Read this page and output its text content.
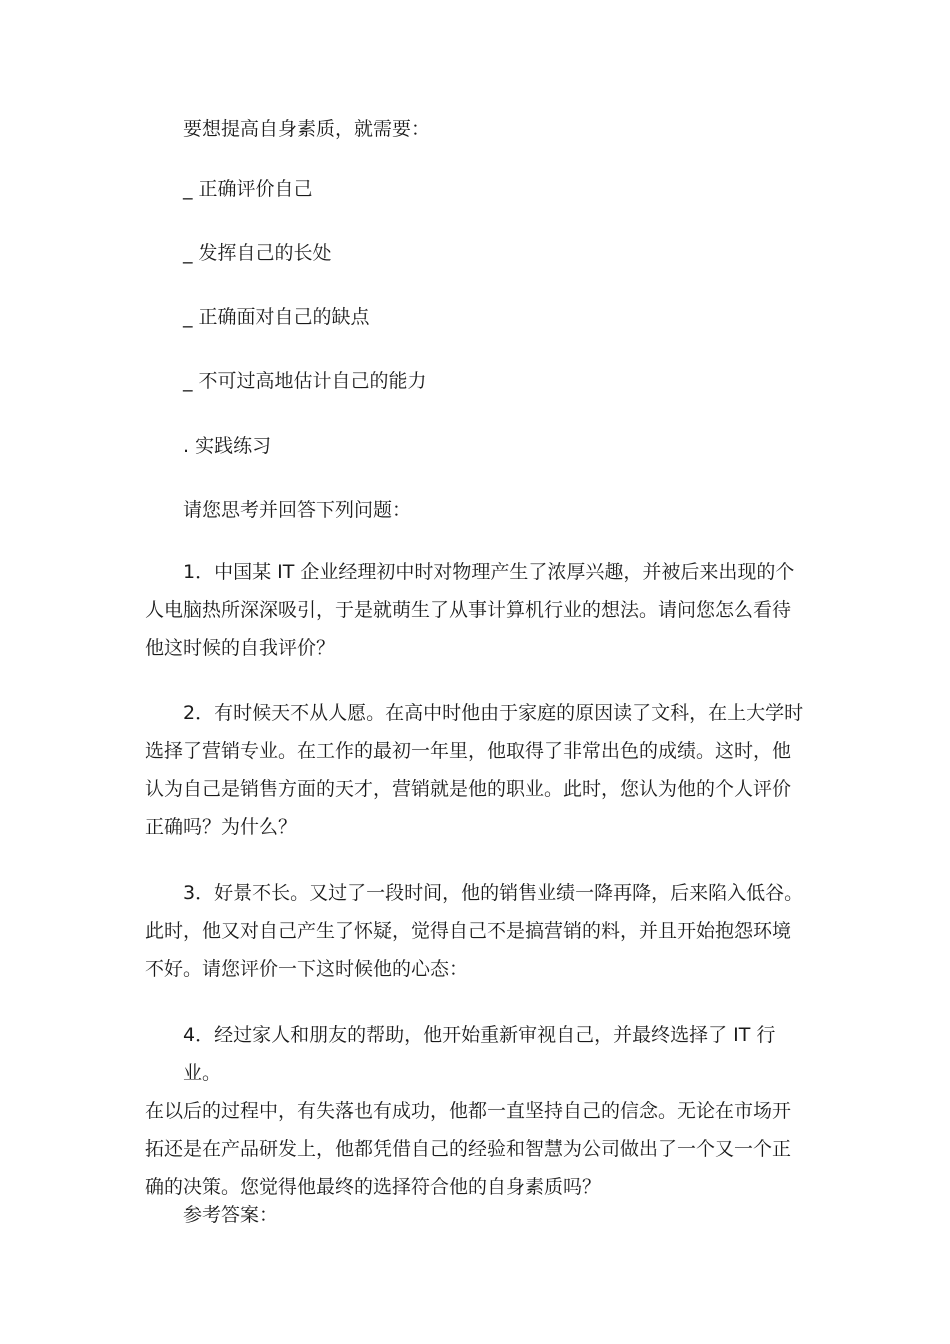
要想提高自身素质，就需要：
_ 正确评价自己
_ 发挥自己的长处
_ 正确面对自己的缺点
_ 不可过高地估计自己的能力
. 实践练习
请您思考并回答下列问题：
1．中国某 IT 企业经理初中时对物理产生了浓厚兴趣，并被后来出现的个
人电脑热所深深吸引，于是就萌生了从事计算机行业的想法。请问您怎么看待
他这时候的自我评价？
2．有时候天不从人愿。在高中时他由于家庭的原因读了文科，在上大学时
选择了营销专业。在工作的最初一年里，他取得了非常出色的成绩。这时，他
认为自己是销售方面的天才，营销就是他的职业。此时，您认为他的个人评价
正确吗？为什么？
3．好景不长。又过了一段时间，他的销售业绩一降再降，后来陷入低谷。
此时，他又对自己产生了怀疑，觉得自己不是搞营销的料，并且开始抱怨环境
不好。请您评价一下这时候他的心态：
4．经过家人和朋友的帮助，他开始重新审视自己，并最终选择了 IT 行业。
在以后的过程中，有失落也有成功，他都一直坚持自己的信念。无论在市场开
拓还是在产品研发上，他都凭借自己的经验和智慧为公司做出了一个又一个正
确的决策。您觉得他最终的选择符合他的自身素质吗？
参考答案：
